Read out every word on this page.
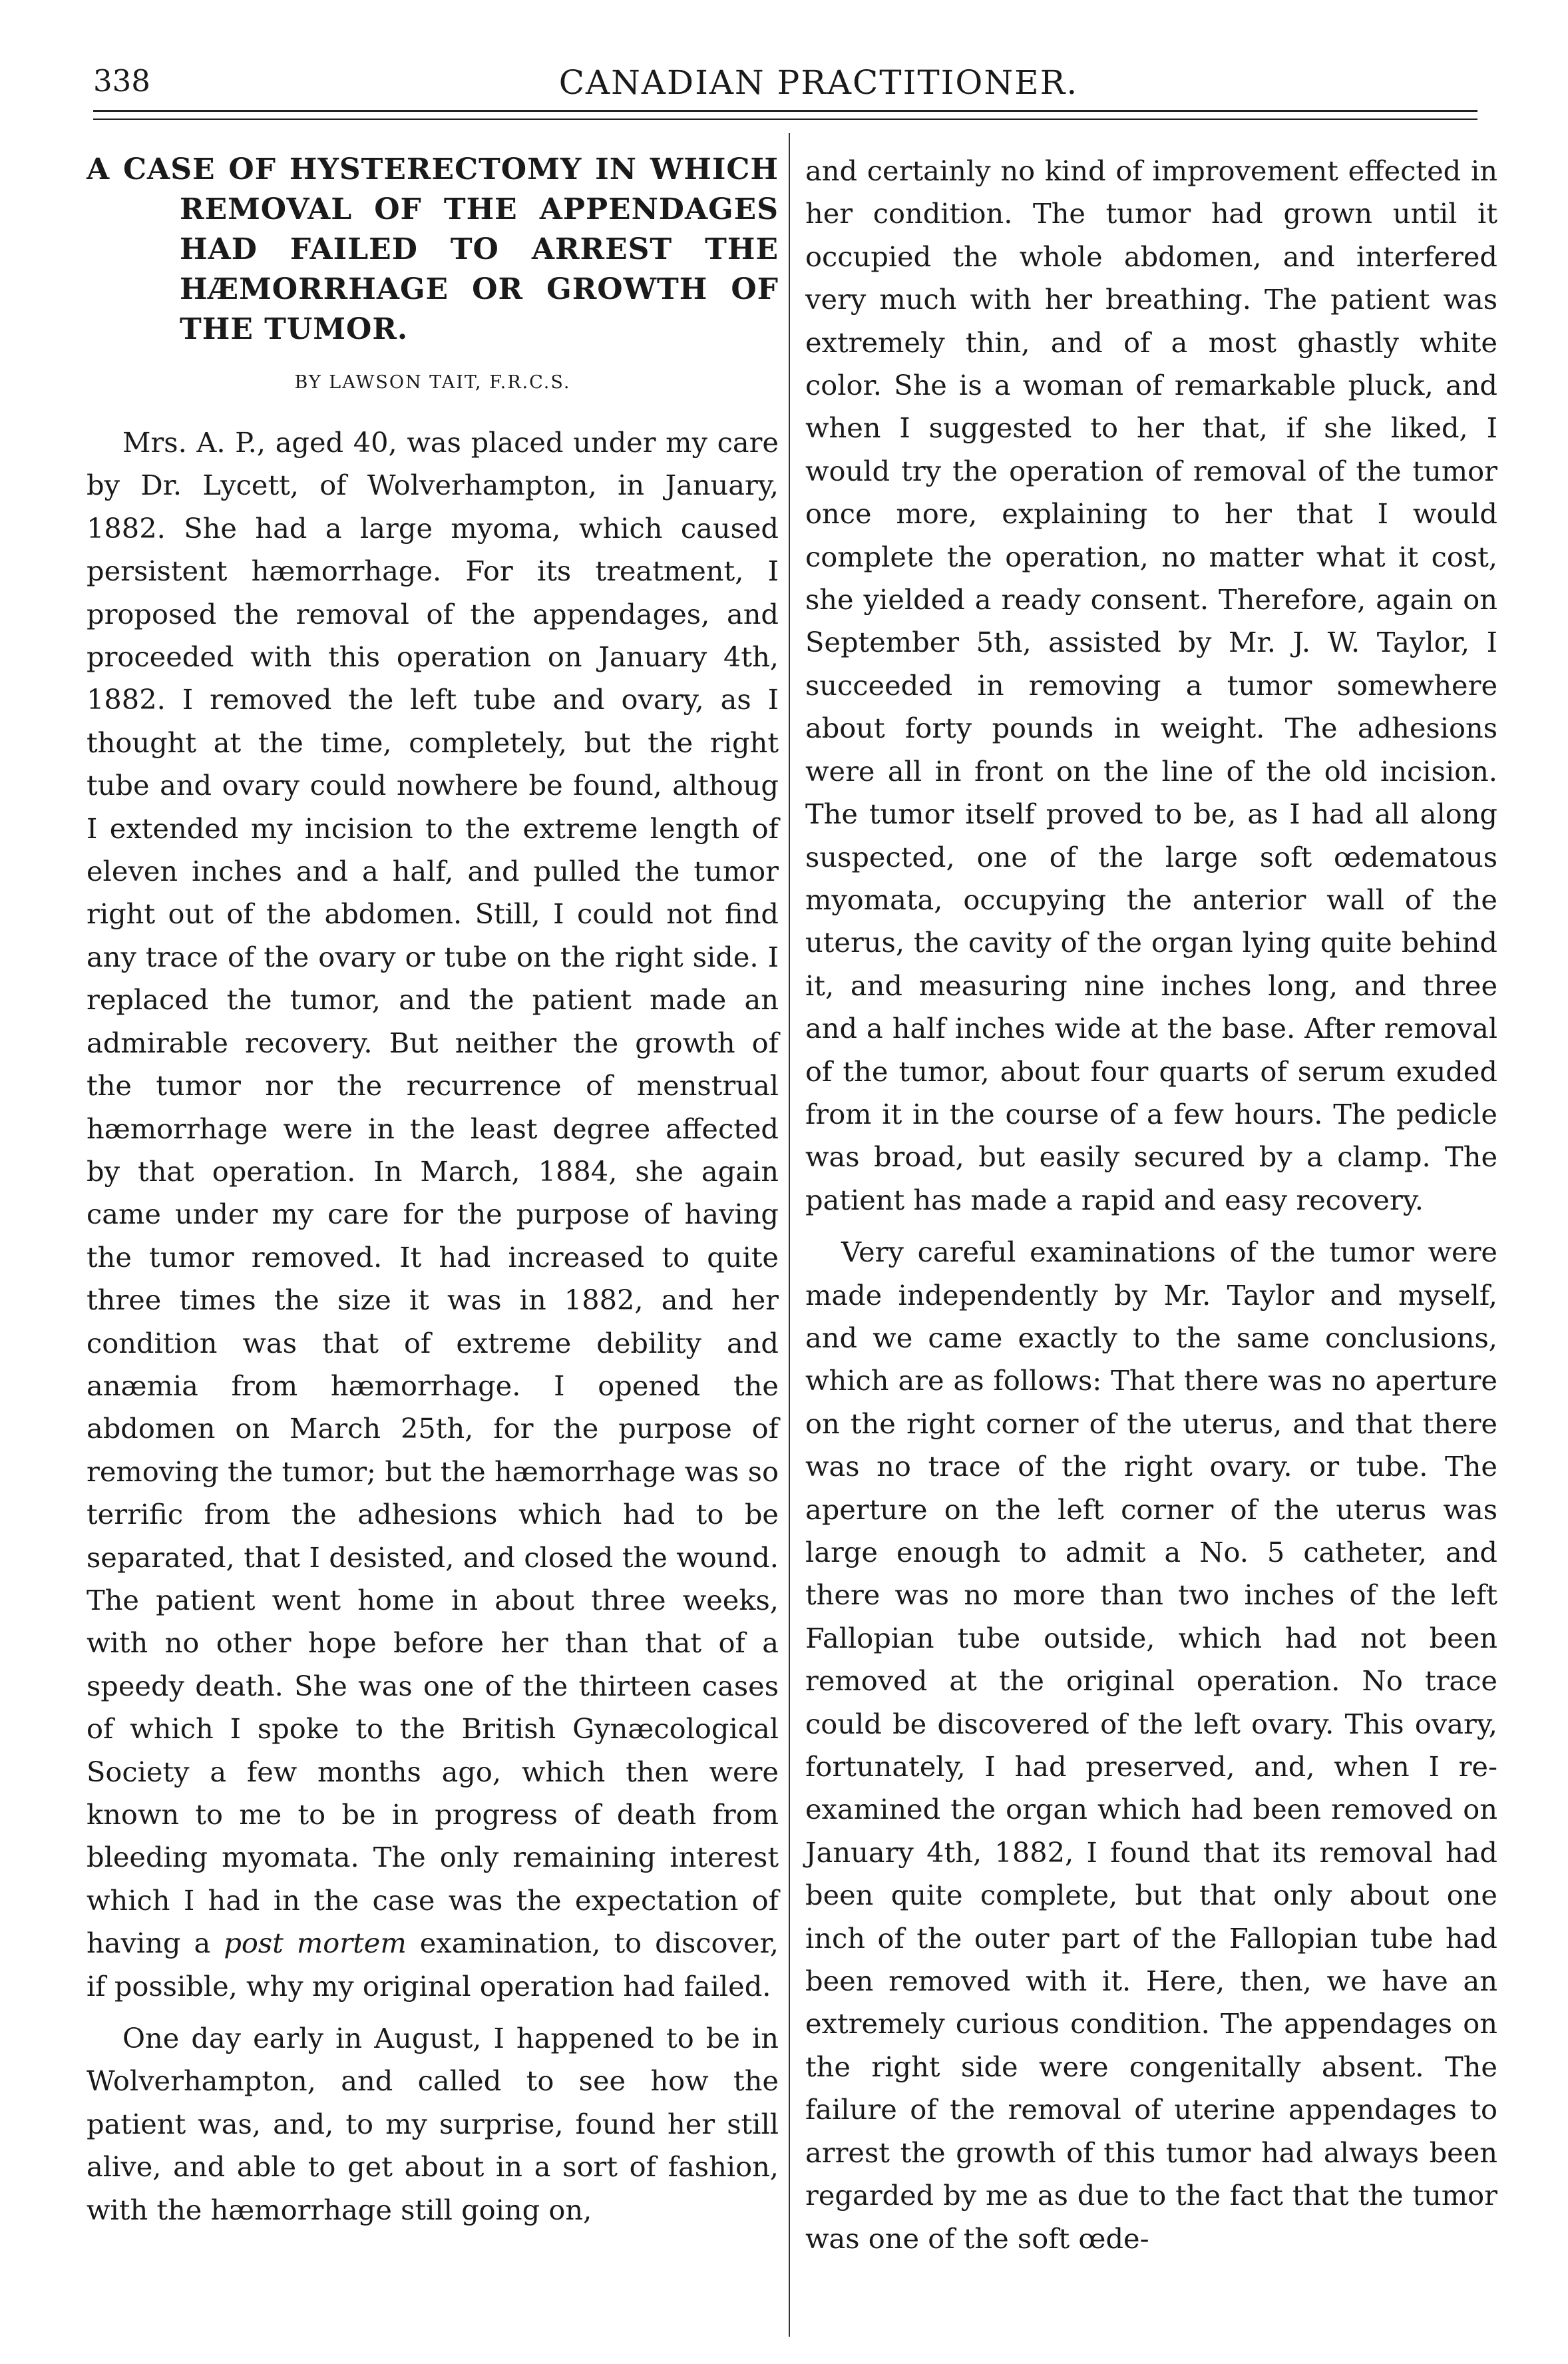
338	CANADIAN PRACTITIONER.
A CASE OF HYSTERECTOMY IN WHICH REMOVAL OF THE APPENDAGES HAD FAILED TO ARREST THE HÆMORRHAGE OR GROWTH OF THE TUMOR.

BY LAWSON TAIT, F.R.C.S.

Mrs. A. P., aged 40, was placed under my care by Dr. Lycett, of Wolverhampton, in January, 1882. She had a large myoma, which caused persistent hæmorrhage. For its treatment, I proposed the removal of the appendages, and proceeded with this operation on January 4th, 1882. I removed the left tube and ovary, as I thought at the time, completely, but the right tube and ovary could nowhere be found, althoug I extended my incision to the extreme length of eleven inches and a half, and pulled the tumor right out of the abdomen. Still, I could not find any trace of the ovary or tube on the right side. I replaced the tumor, and the patient made an admirable recovery. But neither the growth of the tumor nor the recurrence of menstrual hæmorrhage were in the least degree affected by that operation. In March, 1884, she again came under my care for the purpose of having the tumor removed. It had increased to quite three times the size it was in 1882, and her condition was that of extreme debility and anæmia from hæmorrhage. I opened the abdomen on March 25th, for the purpose of removing the tumor; but the hæmorrhage was so terrific from the adhesions which had to be separated, that I desisted, and closed the wound. The patient went home in about three weeks, with no other hope before her than that of a speedy death. She was one of the thirteen cases of which I spoke to the British Gynæcological Society a few months ago, which then were known to me to be in progress of death from bleeding myomata. The only remaining interest which I had in the case was the expectation of having a post mortem examination, to discover, if possible, why my original operation had failed.

One day early in August, I happened to be in Wolverhampton, and called to see how the patient was, and, to my surprise, found her still alive, and able to get about in a sort of fashion, with the hæmorrhage still going on,

and certainly no kind of improvement effected in her condition. The tumor had grown until it occupied the whole abdomen, and interfered very much with her breathing. The patient was extremely thin, and of a most ghastly white color. She is a woman of remarkable pluck, and when I suggested to her that, if she liked, I would try the operation of removal of the tumor once more, explaining to her that I would complete the operation, no matter what it cost, she yielded a ready consent. Therefore, again on September 5th, assisted by Mr. J. W. Taylor, I succeeded in removing a tumor somewhere about forty pounds in weight. The adhesions were all in front on the line of the old incision. The tumor itself proved to be, as I had all along suspected, one of the large soft œdematous myomata, occupying the anterior wall of the uterus, the cavity of the organ lying quite behind it, and measuring nine inches long, and three and a half inches wide at the base. After removal of the tumor, about four quarts of serum exuded from it in the course of a few hours. The pedicle was broad, but easily secured by a clamp. The patient has made a rapid and easy recovery.

Very careful examinations of the tumor were made independently by Mr. Taylor and myself, and we came exactly to the same conclusions, which are as follows: That there was no aperture on the right corner of the uterus, and that there was no trace of the right ovary. or tube. The aperture on the left corner of the uterus was large enough to admit a No. 5 catheter, and there was no more than two inches of the left Fallopian tube outside, which had not been removed at the original operation. No trace could be discovered of the left ovary. This ovary, fortunately, I had preserved, and, when I re-examined the organ which had been removed on January 4th, 1882, I found that its removal had been quite complete, but that only about one inch of the outer part of the Fallopian tube had been removed with it. Here, then, we have an extremely curious condition. The appendages on the right side were congenitally absent. The failure of the removal of uterine appendages to arrest the growth of this tumor had always been regarded by me as due to the fact that the tumor was one of the soft œde-
